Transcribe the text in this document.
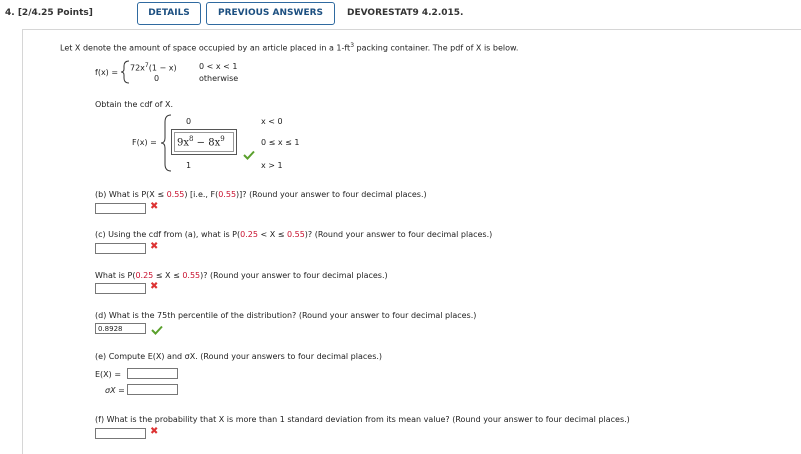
4. [2/4.25 Points]	DETAILS	PREVIOUS ANSWERS	DEVORESTAT9 4.2.015.
Let X denote the amount of space occupied by an article placed in a $1-ft^3$ packing container. The pdf of X is below.
$f(x) = 72x^7(1 - x)$	0 < x < 1
0	otherwise
Obtain the cdf of X.
0	x < 0
$F(x) = 9x^8 - 8x^9$	0 ≤ x ≤ 1
1	x > 1
(b) What is P(X ≤ 0.55) [i.e., F(0.55)]? (Round your answer to four decimal places.)
✖
(c) Using the cdf from (a), what is P(0.25 < X ≤ 0.55)? (Round your answer to four decimal places.)
✖
What is P(0.25 ≤ X ≤ 0.55)? (Round your answer to four decimal places.)
✖
(d) What is the 75th percentile of the distribution? (Round your answer to four decimal places.)
0.8928
(e) Compute E(X) and σX. (Round your answers to four decimal places.)
E(X) =
σX =
(f) What is the probability that X is more than 1 standard deviation from its mean value? (Round your answer to four decimal places.)
✖
